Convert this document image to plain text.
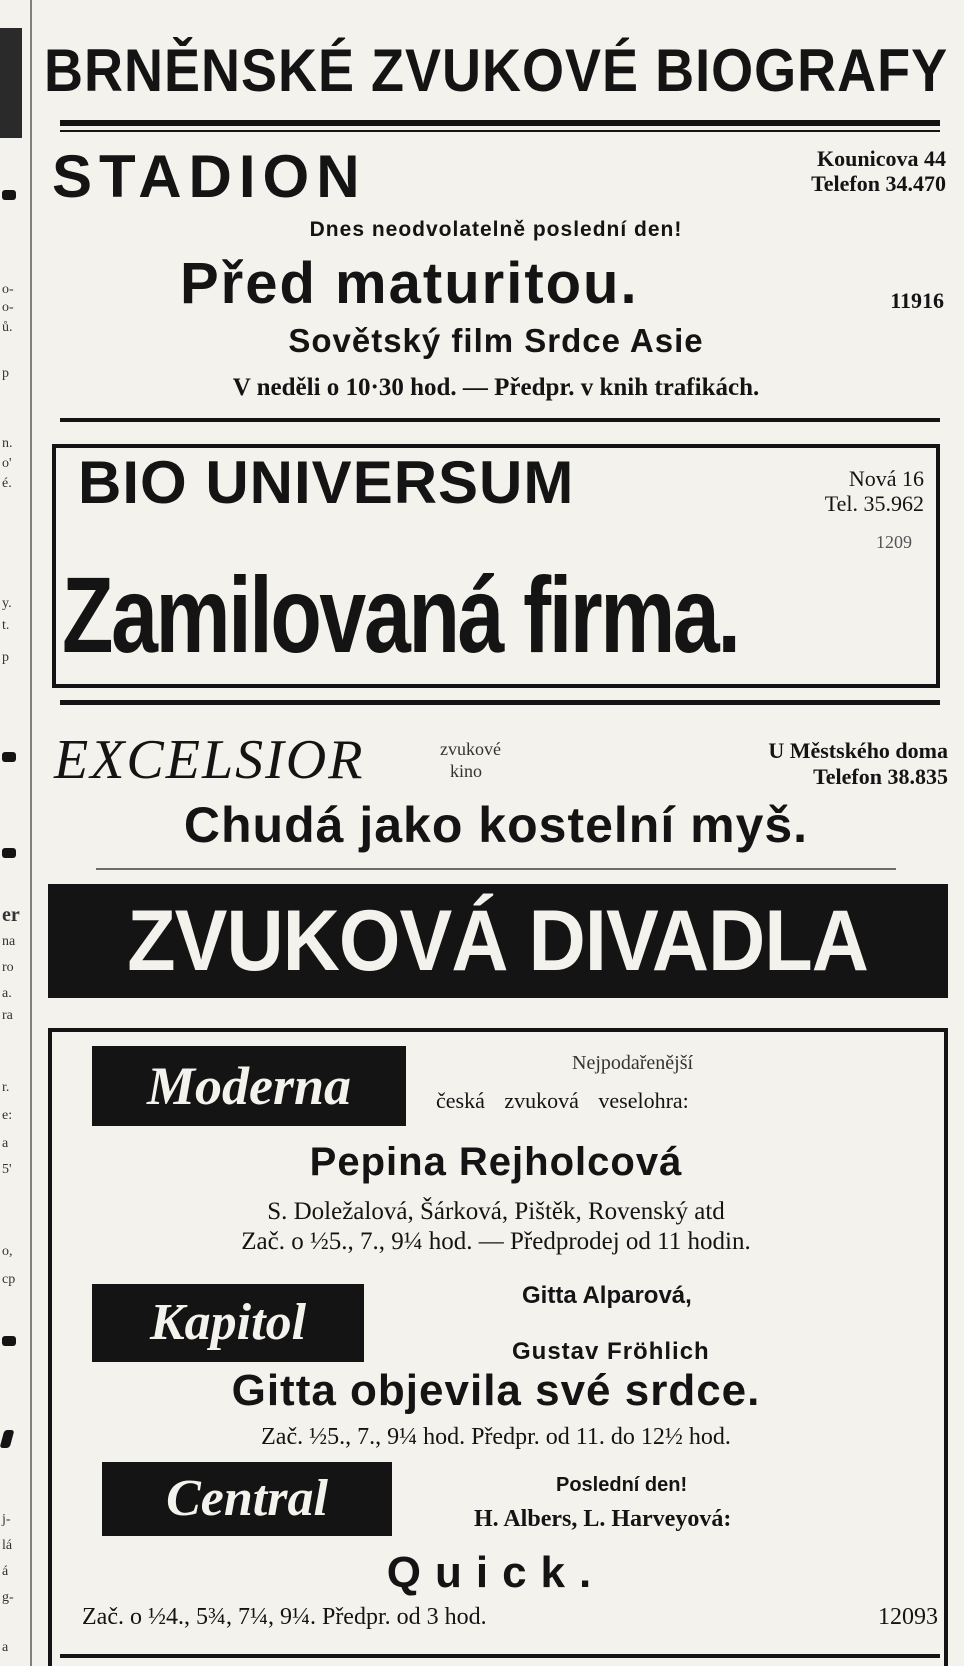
o-
o-
ů.
p
n.
o'
é.
y.
t.
p
er
na
ro
a.
ra
r.
e:
a
5'
o,
cp
j-
lá
á
g-
a
BRNĚNSKÉ ZVUKOVÉ BIOGRAFY
STADION	Kounicova 44
Telefon 34.470
Dnes neodvolatelně poslední den!
Před maturitou.	11916
Sovětský film Srdce Asie
V neděli o 10·30 hod. — Předpr. v knih trafikách.
BIO UNIVERSUM	Nová 16
Tel. 35.962
1209
Zamilovaná firma.
EXCELSIOR	zvukové
kino
U Městského doma
Telefon 38.835
Chudá jako kostelní myš.
ZVUKOVÁ DIVADLA
Moderna	Nejpodařenější
česká zvuková veselohra:
Pepina Rejholcová
S. Doležalová, Šárková, Pištěk, Rovenský atd
Zač. o ½5., 7., 9¼ hod. — Předprodej od 11 hodin.
Kapitol	Gitta Alparová,
Gustav Fröhlich
Gitta objevila své srdce.
Zač. ½5., 7., 9¼ hod. Předpr. od 11. do 12½ hod.
Central	Poslední den!
H. Albers, L. Harveyová:
Quick.
Zač. o ½4., 5¾, 7¼, 9¼. Předpr. od 3 hod.	12093
